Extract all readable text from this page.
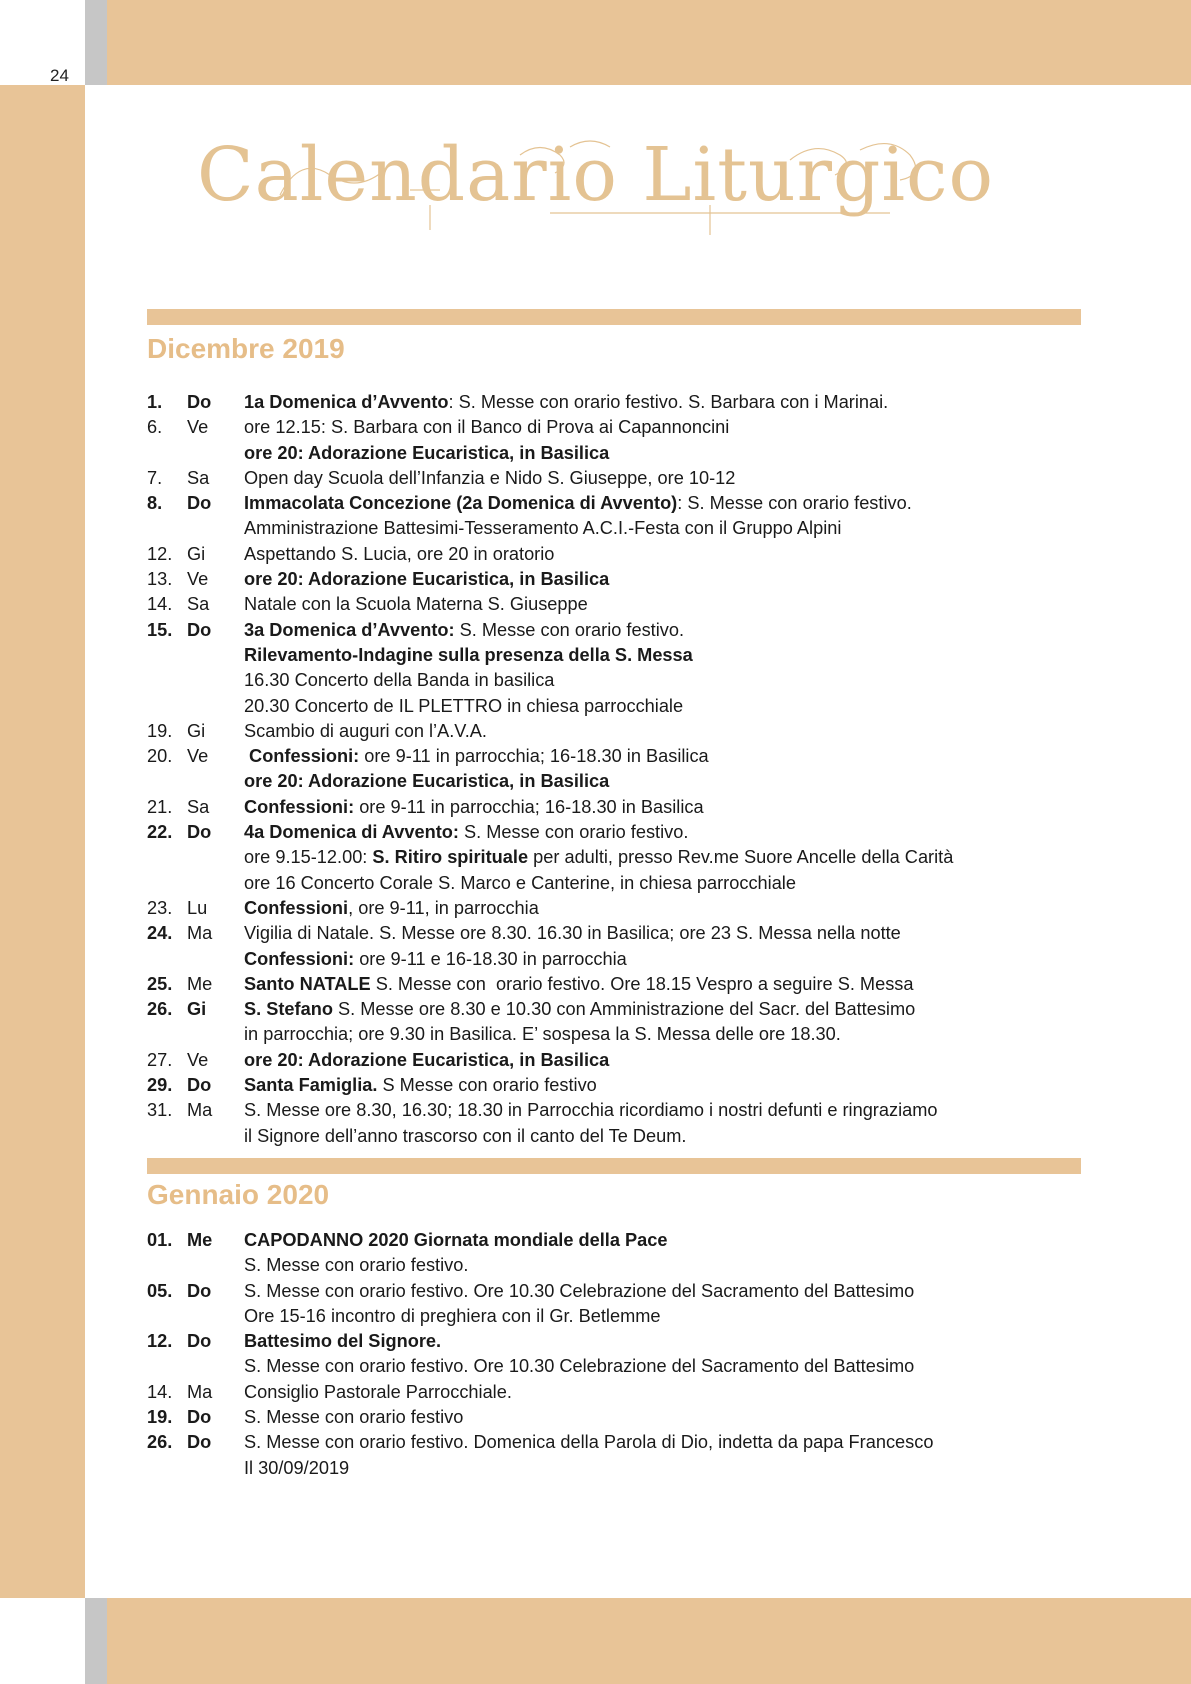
24
Calendario Liturgico
Dicembre 2019
1.	Do	1a Domenica d’Avvento: S. Messe con orario festivo. S. Barbara con i Marinai.
6.	Ve	ore 12.15: S. Barbara con il Banco di Prova ai Capannoncini
ore 20: Adorazione Eucaristica, in Basilica
7.	Sa	Open day Scuola dell’Infanzia e Nido S. Giuseppe, ore 10-12
8.	Do	Immacolata Concezione (2a Domenica di Avvento): S. Messe con orario festivo.
Amministrazione Battesimi-Tesseramento A.C.I.-Festa con il Gruppo Alpini
12. Gi	Aspettando S. Lucia, ore 20 in oratorio
13. Ve	ore 20: Adorazione Eucaristica, in Basilica
14. Sa	Natale con la Scuola Materna S. Giuseppe
15. Do	3a Domenica d’Avvento: S. Messe con orario festivo.
Rilevamento-Indagine sulla presenza della S. Messa
16.30 Concerto della Banda in basilica
20.30 Concerto de IL PLETTRO in chiesa parrocchiale
19. Gi	Scambio di auguri con l’A.V.A.
20. Ve	Confessioni: ore 9-11 in parrocchia; 16-18.30 in Basilica
ore 20: Adorazione Eucaristica, in Basilica
21. Sa	Confessioni: ore 9-11 in parrocchia; 16-18.30 in Basilica
22. Do	4a Domenica di Avvento: S. Messe con orario festivo.
ore 9.15-12.00: S. Ritiro spirituale per adulti, presso Rev.me Suore Ancelle della Carità
ore 16 Concerto Corale S. Marco e Canterine, in chiesa parrocchiale
23. Lu	Confessioni, ore 9-11, in parrocchia
24. Ma	Vigilia di Natale. S. Messe ore 8.30. 16.30 in Basilica; ore 23 S. Messa nella notte
Confessioni: ore 9-11 e 16-18.30 in parrocchia
25. Me	Santo NATALE S. Messe con  orario festivo. Ore 18.15 Vespro a seguire S. Messa
26. Gi	S. Stefano S. Messe ore 8.30 e 10.30 con Amministrazione del Sacr. del Battesimo
in parrocchia; ore 9.30 in Basilica. E’ sospesa la S. Messa delle ore 18.30.
27. Ve	ore 20: Adorazione Eucaristica, in Basilica
29. Do	Santa Famiglia. S Messe con orario festivo
31. Ma	S. Messe ore 8.30, 16.30; 18.30 in Parrocchia ricordiamo i nostri defunti e ringraziamo
il Signore dell’anno trascorso con il canto del Te Deum.
Gennaio 2020
01. Me	CAPODANNO 2020 Giornata mondiale della Pace
S. Messe con orario festivo.
05. Do	S. Messe con orario festivo. Ore 10.30 Celebrazione del Sacramento del Battesimo
Ore 15-16 incontro di preghiera con il Gr. Betlemme
12. Do	Battesimo del Signore.
S. Messe con orario festivo. Ore 10.30 Celebrazione del Sacramento del Battesimo
14. Ma	Consiglio Pastorale Parrocchiale.
19. Do	S. Messe con orario festivo
26. Do	S. Messe con orario festivo. Domenica della Parola di Dio, indetta da papa Francesco
Il 30/09/2019
